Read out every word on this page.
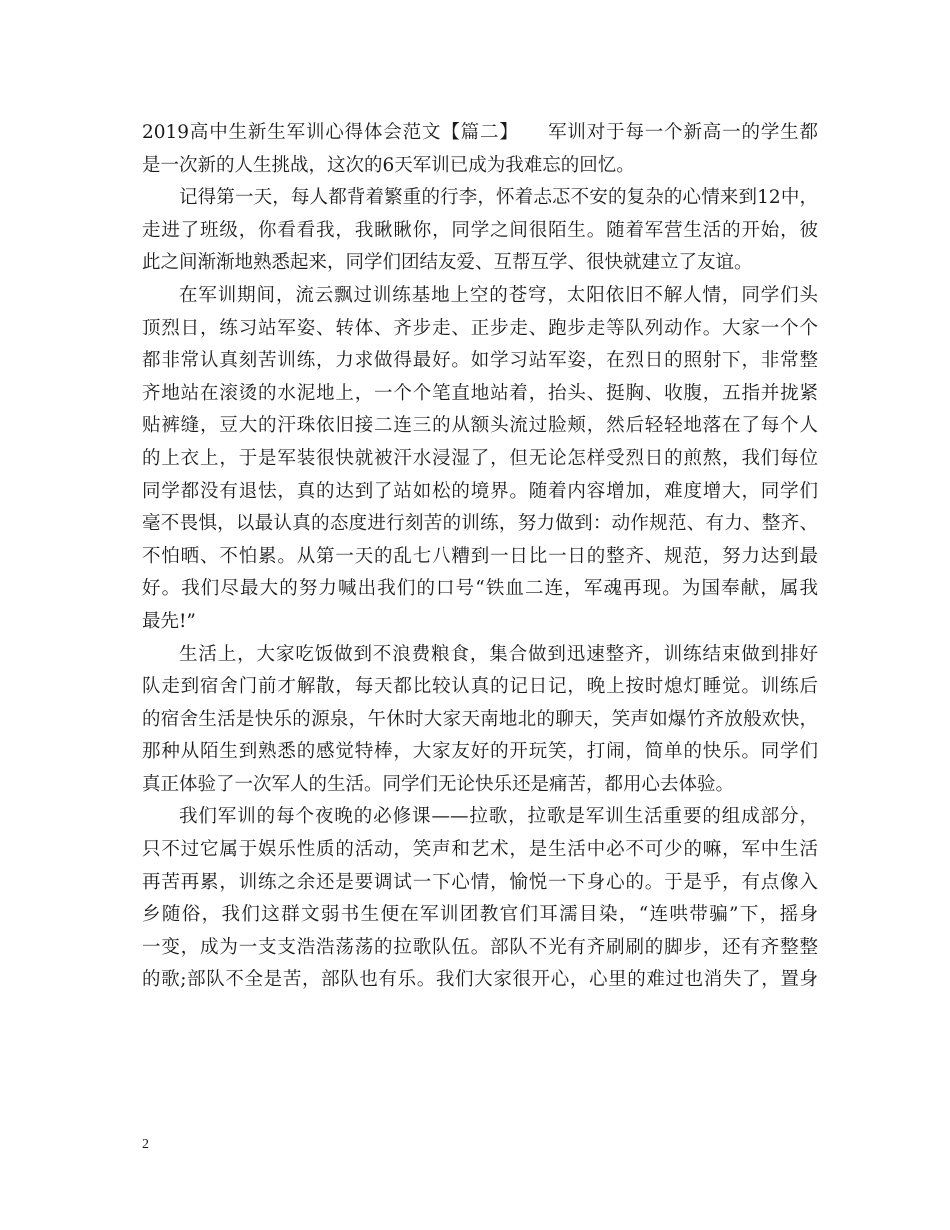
2019高中生新生军训心得体会范文【篇二】　　军训对于每一个新高一的学生都
是一次新的人生挑战，这次的6天军训已成为我难忘的回忆。
记得第一天，每人都背着繁重的行李，怀着忐忑不安的复杂的心情来到12中，
走进了班级，你看看我，我瞅瞅你，同学之间很陌生。随着军营生活的开始，彼
此之间渐渐地熟悉起来，同学们团结友爱、互帮互学、很快就建立了友谊。
在军训期间，流云飘过训练基地上空的苍穹，太阳依旧不解人情，同学们头
顶烈日，练习站军姿、转体、齐步走、正步走、跑步走等队列动作。大家一个个
都非常认真刻苦训练，力求做得最好。如学习站军姿，在烈日的照射下，非常整
齐地站在滚烫的水泥地上，一个个笔直地站着，抬头、挺胸、收腹，五指并拢紧
贴裤缝，豆大的汗珠依旧接二连三的从额头流过脸颊，然后轻轻地落在了每个人
的上衣上，于是军装很快就被汗水浸湿了，但无论怎样受烈日的煎熬，我们每位
同学都没有退怯，真的达到了站如松的境界。随着内容增加，难度增大，同学们
毫不畏惧，以最认真的态度进行刻苦的训练，努力做到：动作规范、有力、整齐、
不怕晒、不怕累。从第一天的乱七八糟到一日比一日的整齐、规范，努力达到最
好。我们尽最大的努力喊出我们的口号“铁血二连，军魂再现。为国奉献，属我
最先!”
生活上，大家吃饭做到不浪费粮食，集合做到迅速整齐，训练结束做到排好
队走到宿舍门前才解散，每天都比较认真的记日记，晚上按时熄灯睡觉。训练后
的宿舍生活是快乐的源泉，午休时大家天南地北的聊天，笑声如爆竹齐放般欢快，
那种从陌生到熟悉的感觉特棒，大家友好的开玩笑，打闹，简单的快乐。同学们
真正体验了一次军人的生活。同学们无论快乐还是痛苦，都用心去体验。
我们军训的每个夜晚的必修课——拉歌，拉歌是军训生活重要的组成部分，
只不过它属于娱乐性质的活动，笑声和艺术，是生活中必不可少的嘛，军中生活
再苦再累，训练之余还是要调试一下心情，愉悦一下身心的。于是乎，有点像入
乡随俗，我们这群文弱书生便在军训团教官们耳濡目染，“连哄带骗”下，摇身
一变，成为一支支浩浩荡荡的拉歌队伍。部队不光有齐刷刷的脚步，还有齐整整
的歌;部队不全是苦，部队也有乐。我们大家很开心，心里的难过也消失了，置身
2
